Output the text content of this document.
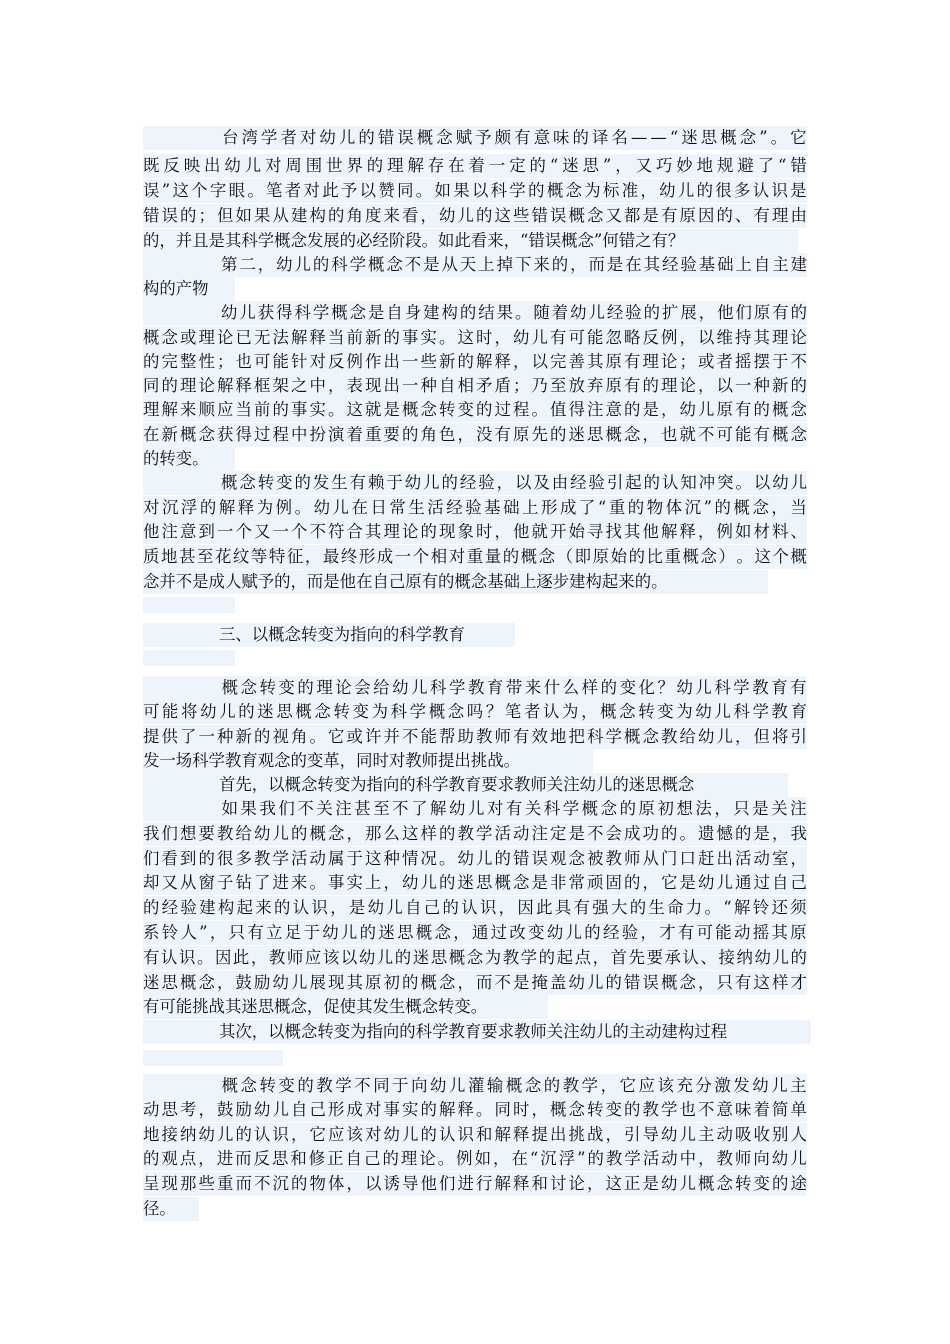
台 湾 学 者 对 幼 儿 的 错 误 概 念 赋 予 颇 有 意 味 的 译 名 — — “ 迷 思 概 念 ” 。 它
既 反 映 出 幼 儿 对 周 围 世 界 的 理 解 存 在 着 一 定 的 “ 迷 思 ” ， 又 巧 妙 地 规 避 了 “ 错
误 ” 这 个 字 眼 。 笔 者 对 此 予 以 赞 同 。 如 果 以 科 学 的 概 念 为 标 准 ， 幼 儿 的 很 多 认 识 是
错 误 的 ； 但 如 果 从 建 构 的 角 度 来 看 ， 幼 儿 的 这 些 错 误 概 念 又 都 是 有 原 因 的 、 有 理 由
的，并且是其科学概念发展的必经阶段。如此看来，“错误概念”何错之有？
第 二 ， 幼 儿 的 科 学 概 念 不 是 从 天 上 掉 下 来 的 ， 而 是 在 其 经 验 基 础 上 自 主 建
构的产物
幼 儿 获 得 科 学 概 念 是 自 身 建 构 的 结 果 。 随 着 幼 儿 经 验 的 扩 展 ， 他 们 原 有 的
概 念 或 理 论 已 无 法 解 释 当 前 新 的 事 实 。 这 时 ， 幼 儿 有 可 能 忽 略 反 例 ， 以 维 持 其 理 论
的 完 整 性 ； 也 可 能 针 对 反 例 作 出 一 些 新 的 解 释 ， 以 完 善 其 原 有 理 论 ； 或 者 摇 摆 于 不
同 的 理 论 解 释 框 架 之 中 ， 表 现 出 一 种 自 相 矛 盾 ； 乃 至 放 弃 原 有 的 理 论 ， 以 一 种 新 的
理 解 来 顺 应 当 前 的 事 实 。 这 就 是 概 念 转 变 的 过 程 。 值 得 注 意 的 是 ， 幼 儿 原 有 的 概 念
在 新 概 念 获 得 过 程 中 扮 演 着 重 要 的 角 色 ， 没 有 原 先 的 迷 思 概 念 ， 也 就 不 可 能 有 概 念
的转变。
概 念 转 变 的 发 生 有 赖 于 幼 儿 的 经 验 ， 以 及 由 经 验 引 起 的 认 知 冲 突 。 以 幼 儿
对 沉 浮 的 解 释 为 例 。 幼 儿 在 日 常 生 活 经 验 基 础 上 形 成 了 “ 重 的 物 体 沉 ” 的 概 念 ， 当
他 注 意 到 一 个 又 一 个 不 符 合 其 理 论 的 现 象 时 ， 他 就 开 始 寻 找 其 他 解 释 ， 例 如 材 料 、
质 地 甚 至 花 纹 等 特 征 ， 最 终 形 成 一 个 相 对 重 量 的 概 念 （ 即 原 始 的 比 重 概 念 ） 。 这 个 概
念并不是成人赋予的，而是他在自己原有的概念基础上逐步建构起来的。
三、以概念转变为指向的科学教育
概 念 转 变 的 理 论 会 给 幼 儿 科 学 教 育 带 来 什 么 样 的 变 化 ？ 幼 儿 科 学 教 育 有
可 能 将 幼 儿 的 迷 思 概 念 转 变 为 科 学 概 念 吗 ？ 笔 者 认 为 ， 概 念 转 变 为 幼 儿 科 学 教 育
提 供 了 一 种 新 的 视 角 。 它 或 许 并 不 能 帮 助 教 师 有 效 地 把 科 学 概 念 教 给 幼 儿 ， 但 将 引
发一场科学教育观念的变革，同时对教师提出挑战。
首先，以概念转变为指向的科学教育要求教师关注幼儿的迷思概念
如 果 我 们 不 关 注 甚 至 不 了 解 幼 儿 对 有 关 科 学 概 念 的 原 初 想 法 ， 只 是 关 注
我 们 想 要 教 给 幼 儿 的 概 念 ， 那 么 这 样 的 教 学 活 动 注 定 是 不 会 成 功 的 。 遗 憾 的 是 ， 我
们 看 到 的 很 多 教 学 活 动 属 于 这 种 情 况 。 幼 儿 的 错 误 观 念 被 教 师 从 门 口 赶 出 活 动 室 ，
却 又 从 窗 子 钻 了 进 来 。 事 实 上 ， 幼 儿 的 迷 思 概 念 是 非 常 顽 固 的 ， 它 是 幼 儿 通 过 自 己
的 经 验 建 构 起 来 的 认 识 ， 是 幼 儿 自 己 的 认 识 ， 因 此 具 有 强 大 的 生 命 力 。 “ 解 铃 还 须
系 铃 人 ” ， 只 有 立 足 于 幼 儿 的 迷 思 概 念 ， 通 过 改 变 幼 儿 的 经 验 ， 才 有 可 能 动 摇 其 原
有 认 识 。 因 此 ， 教 师 应 该 以 幼 儿 的 迷 思 概 念 为 教 学 的 起 点 ， 首 先 要 承 认 、 接 纳 幼 儿 的
迷 思 概 念 ， 鼓 励 幼 儿 展 现 其 原 初 的 概 念 ， 而 不 是 掩 盖 幼 儿 的 错 误 概 念 ， 只 有 这 样 才
有可能挑战其迷思概念，促使其发生概念转变。
其次，以概念转变为指向的科学教育要求教师关注幼儿的主动建构过程
概 念 转 变 的 教 学 不 同 于 向 幼 儿 灌 输 概 念 的 教 学 ， 它 应 该 充 分 激 发 幼 儿 主
动 思 考 ， 鼓 励 幼 儿 自 己 形 成 对 事 实 的 解 释 。 同 时 ， 概 念 转 变 的 教 学 也 不 意 味 着 简 单
地 接 纳 幼 儿 的 认 识 ， 它 应 该 对 幼 儿 的 认 识 和 解 释 提 出 挑 战 ， 引 导 幼 儿 主 动 吸 收 别 人
的 观 点 ， 进 而 反 思 和 修 正 自 己 的 理 论 。 例 如 ， 在 “ 沉 浮 ” 的 教 学 活 动 中 ， 教 师 向 幼 儿
呈 现 那 些 重 而 不 沉 的 物 体 ， 以 诱 导 他 们 进 行 解 释 和 讨 论 ， 这 正 是 幼 儿 概 念 转 变 的 途
径。
